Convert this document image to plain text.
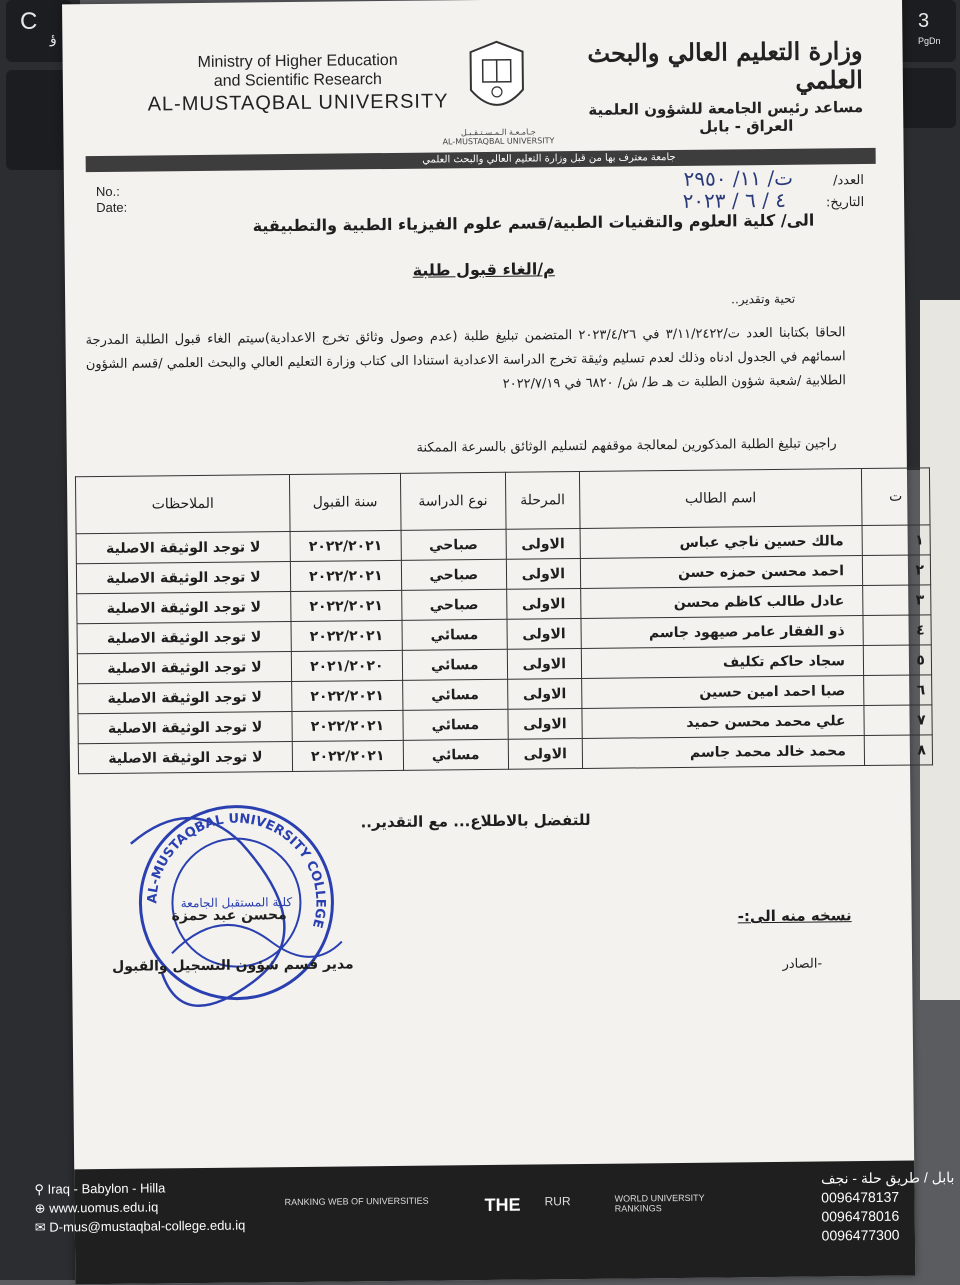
C
ؤ
3
PgDn
Ministry of Higher Education
and Scientific Research
AL-MUSTAQBAL UNIVERSITY
جـامـعـة الـمـسـتـقـبـل
AL-MUSTAQBAL UNIVERSITY
وزارة التعليم العالي والبحث العلمي
مساعد رئيس الجامعة للشؤون العلمية
العراق - بابل
جامعة معترف بها من قبل وزارة التعليم العالي والبحث العلمي
No.:
Date:
العدد/ت/ ١١/ ٢٩٥٠
التاريخ:٤ / ٦ / ٢٠٢٣
الى/ كلية العلوم والتقنيات الطبية/قسم علوم الفيزياء الطبية والتطبيقية
م/الغاء قبول طلبة
تحية وتقدير..
الحاقا بكتابنا العدد ت/٣/١١/٢٤٢٢ في ٢٠٢٣/٤/٢٦ المتضمن تبليغ طلبة (عدم وصول وثائق تخرج الاعدادية)سيتم الغاء قبول الطلبة المدرجة اسمائهم في الجدول ادناه وذلك لعدم تسليم وثيقة تخرج الدراسة الاعدادية استنادا الى كتاب وزارة التعليم العالي والبحث العلمي /قسم الشؤون الطلابية /شعبة شؤون الطلبة ت هـ ط/ ش/ ٦٨٢٠ في ٢٠٢٢/٧/١٩
راجين تبليغ الطلبة المذكورين لمعالجة موقفهم لتسليم الوثائق بالسرعة الممكنة
ت	اسم الطالب	المرحلة	نوع الدراسة	سنة القبول	الملاحظات
١	مالك حسين ناجي عباس	الاولى	صباحي	٢٠٢٢/٢٠٢١	لا توجد الوثيقة الاصلية
٢	احمد محسن حمزه حسن	الاولى	صباحي	٢٠٢٢/٢٠٢١	لا توجد الوثيقة الاصلية
٣	عادل طالب كاظم محسن	الاولى	صباحي	٢٠٢٢/٢٠٢١	لا توجد الوثيقة الاصلية
٤	ذو الفقار عامر صيهود جاسم	الاولى	مسائي	٢٠٢٢/٢٠٢١	لا توجد الوثيقة الاصلية
٥	سجاد حاكم تكليف	الاولى	مسائي	٢٠٢١/٢٠٢٠	لا توجد الوثيقة الاصلية
٦	صبا احمد امين حسين	الاولى	مسائي	٢٠٢٢/٢٠٢١	لا توجد الوثيقة الاصلية
٧	علي محمد محسن حميد	الاولى	مسائي	٢٠٢٢/٢٠٢١	لا توجد الوثيقة الاصلية
٨	محمد خالد محمد جاسم	الاولى	مسائي	٢٠٢٢/٢٠٢١	لا توجد الوثيقة الاصلية
للتفضل بالاطلاع... مع التقدير..
AL-MUSTAQBAL UNIVERSITY COLLEGE
كلية المستقبل الجامعة
محسن عبد حمزة
مدير قسم شؤون التسجيل والقبول
نسخه منه الى:-
-الصادر
⚲ Iraq - Babylon - Hilla
⊕ www.uomus.edu.iq
✉ D-mus@mustaqbal-college.edu.iq
RANKING WEB OF UNIVERSITIES	THE RUR	WORLD UNIVERSITY RANKINGS
بابل / طريق حلة - نجف
0096478137
0096478016
0096477300
